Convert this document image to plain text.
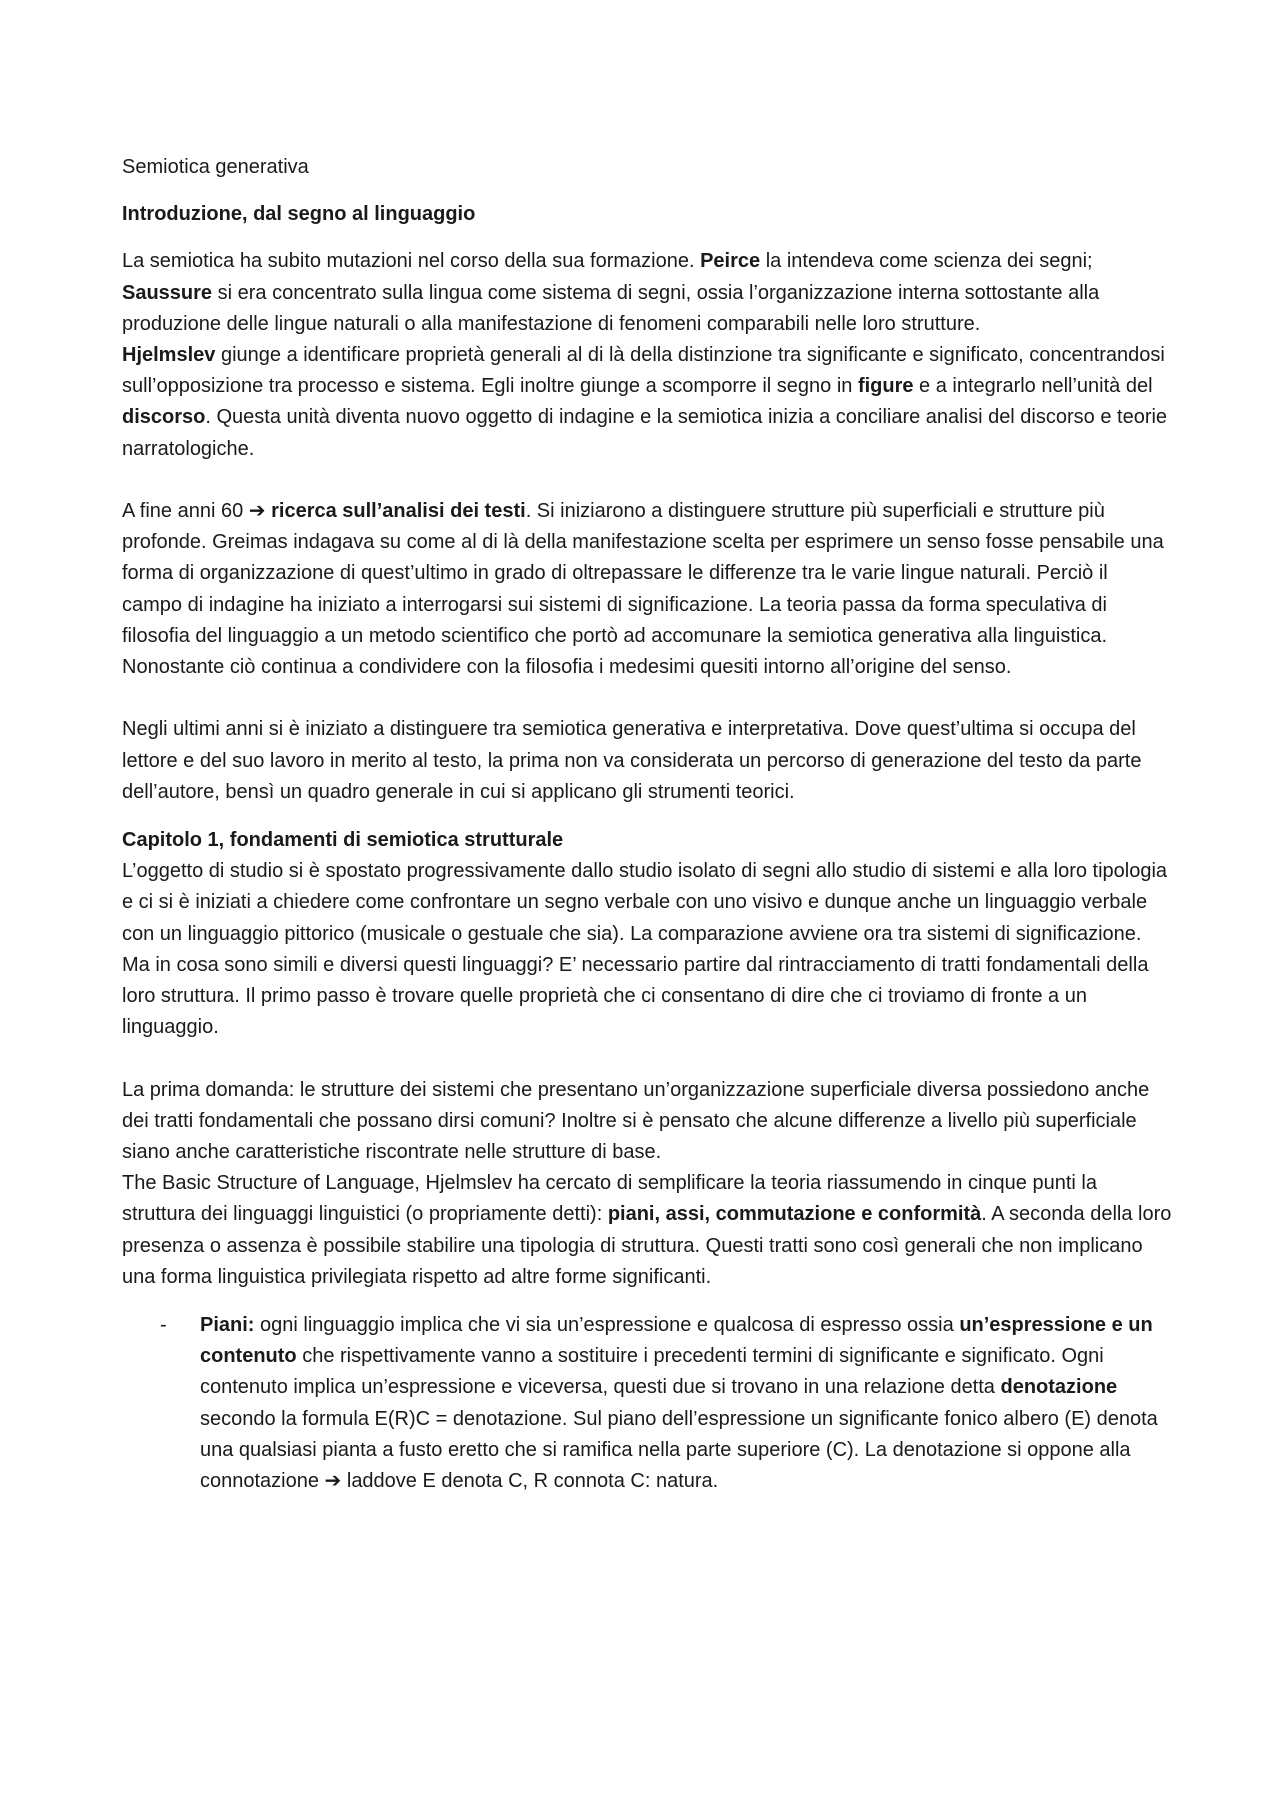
Semiotica generativa

Introduzione, dal segno al linguaggio

La semiotica ha subito mutazioni nel corso della sua formazione. Peirce la intendeva come scienza dei segni; Saussure si era concentrato sulla lingua come sistema di segni, ossia l’organizzazione interna sottostante alla produzione delle lingue naturali o alla manifestazione di fenomeni comparabili nelle loro strutture.

Hjelmslev giunge a identificare proprietà generali al di là della distinzione tra significante e significato, concentrandosi sull’opposizione tra processo e sistema. Egli inoltre giunge a scomporre il segno in figure e a integrarlo nell’unità del discorso. Questa unità diventa nuovo oggetto di indagine e la semiotica inizia a conciliare analisi del discorso e teorie narratologiche.

A fine anni 60 ➔ ricerca sull’analisi dei testi. Si iniziarono a distinguere strutture più superficiali e strutture più profonde. Greimas indagava su come al di là della manifestazione scelta per esprimere un senso fosse pensabile una forma di organizzazione di quest’ultimo in grado di oltrepassare le differenze tra le varie lingue naturali. Perciò il campo di indagine ha iniziato a interrogarsi sui sistemi di significazione. La teoria passa da forma speculativa di filosofia del linguaggio a un metodo scientifico che portò ad accomunare la semiotica generativa alla linguistica. Nonostante ciò continua a condividere con la filosofia i medesimi quesiti intorno all’origine del senso.

Negli ultimi anni si è iniziato a distinguere tra semiotica generativa e interpretativa. Dove quest’ultima si occupa del lettore e del suo lavoro in merito al testo, la prima non va considerata un percorso di generazione del testo da parte dell’autore, bensì un quadro generale in cui si applicano gli strumenti teorici.

Capitolo 1, fondamenti di semiotica strutturale

L’oggetto di studio si è spostato progressivamente dallo studio isolato di segni allo studio di sistemi e alla loro tipologia e ci si è iniziati a chiedere come confrontare un segno verbale con uno visivo e dunque anche un linguaggio verbale con un linguaggio pittorico (musicale o gestuale che sia). La comparazione avviene ora tra sistemi di significazione.

Ma in cosa sono simili e diversi questi linguaggi? E’ necessario partire dal rintracciamento di tratti fondamentali della loro struttura. Il primo passo è trovare quelle proprietà che ci consentano di dire che ci troviamo di fronte a un linguaggio.

La prima domanda: le strutture dei sistemi che presentano un’organizzazione superficiale diversa possiedono anche dei tratti fondamentali che possano dirsi comuni? Inoltre si è pensato che alcune differenze a livello più superficiale siano anche caratteristiche riscontrate nelle strutture di base.

The Basic Structure of Language, Hjelmslev ha cercato di semplificare la teoria riassumendo in cinque punti la struttura dei linguaggi linguistici (o propriamente detti): piani, assi, commutazione e conformità. A seconda della loro presenza o assenza è possibile stabilire una tipologia di struttura. Questi tratti sono così generali che non implicano una forma linguistica privilegiata rispetto ad altre forme significanti.

- Piani: ogni linguaggio implica che vi sia un’espressione e qualcosa di espresso ossia un’espressione e un contenuto che rispettivamente vanno a sostituire i precedenti termini di significante e significato. Ogni contenuto implica un’espressione e viceversa, questi due si trovano in una relazione detta denotazione secondo la formula E(R)C = denotazione. Sul piano dell’espressione un significante fonico albero (E) denota una qualsiasi pianta a fusto eretto che si ramifica nella parte superiore (C). La denotazione si oppone alla connotazione ➔ laddove E denota C, R connota C: natura.
